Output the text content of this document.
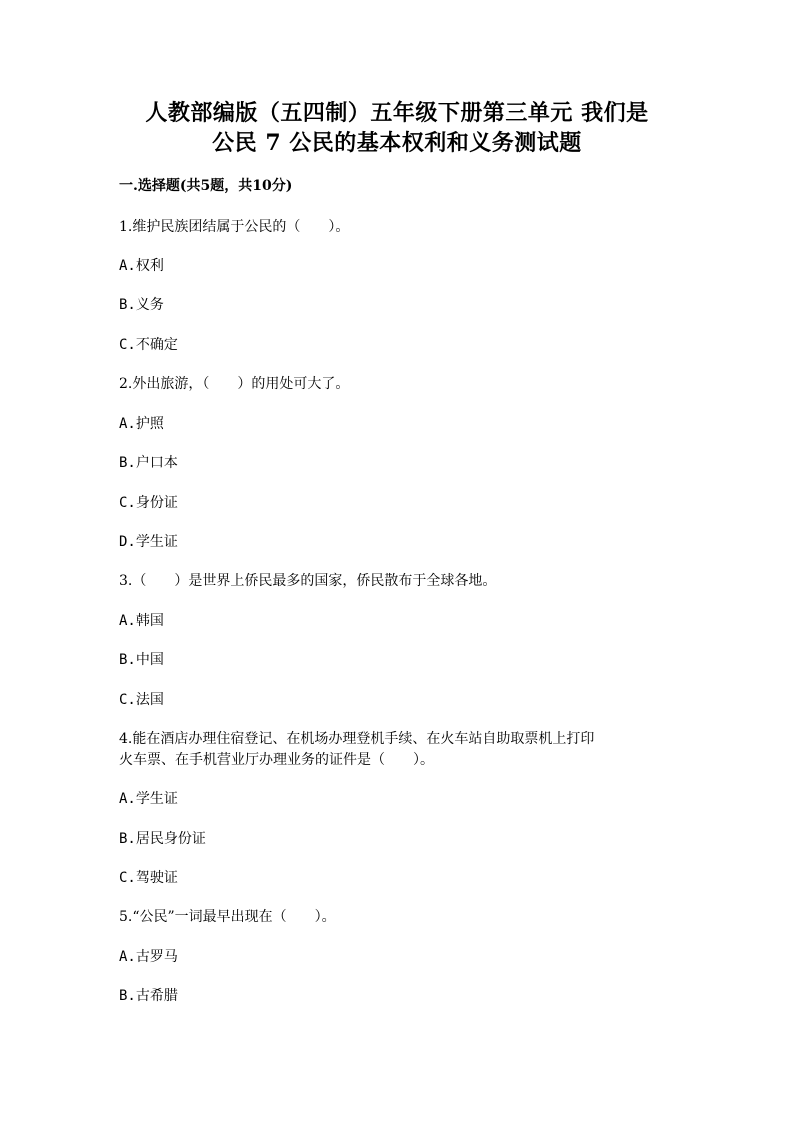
人教部编版（五四制）五年级下册第三单元 我们是
公民 7 公民的基本权利和义务测试题
一.选择题(共5题，共10分)
1.维护民族团结属于公民的（　　）。
A.权利
B.义务
C.不确定
2.外出旅游，（　　）的用处可大了。
A.护照
B.户口本
C.身份证
D.学生证
3.（　　）是世界上侨民最多的国家，侨民散布于全球各地。
A.韩国
B.中国
C.法国
4.能在酒店办理住宿登记、在机场办理登机手续、在火车站自助取票机上打印
火车票、在手机营业厅办理业务的证件是（　　）。
A.学生证
B.居民身份证
C.驾驶证
5.“公民”一词最早出现在（　　）。
A.古罗马
B.古希腊
